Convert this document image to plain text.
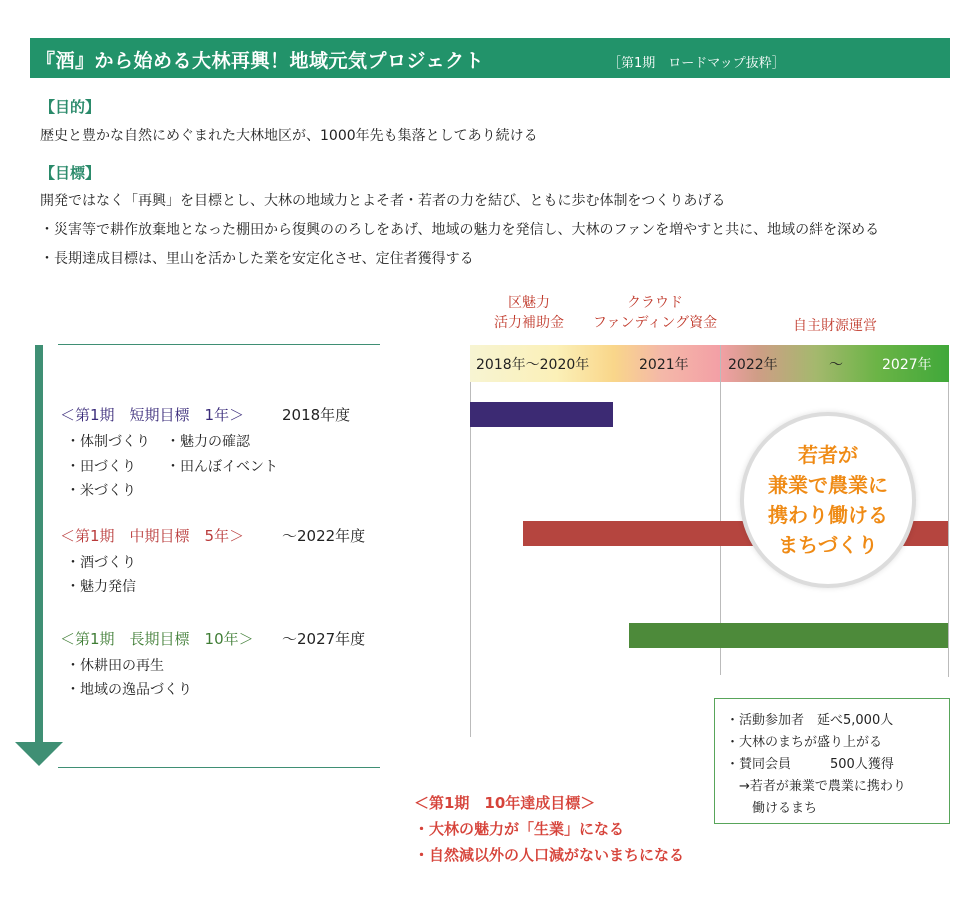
『酒』から始める大林再興！地域元気プロジェクト	［第1期　ロードマップ抜粋］
【目的】
歴史と豊かな自然にめぐまれた大林地区が、1000年先も集落としてあり続ける
【目標】
開発ではなく「再興」を目標とし、大林の地域力とよそ者・若者の力を結び、ともに歩む体制をつくりあげる
・災害等で耕作放棄地となった棚田から復興ののろしをあげ、地域の魅力を発信し、大林のファンを増やすと共に、地域の絆を深める
・長期達成目標は、里山を活かした業を安定化させ、定住者獲得する
区魅力
活力補助金
クラウド
ファンディング資金	自主財源運営
2018年～2020年	2021年	2022年	～	2027年
若者が
兼業で農業に
携わり働ける
まちづくり
＜第1期　短期目標　1年＞	2018年度
・体制づくり ・魅力の確認
・田づくり ・田んぼイベント
・米づくり
＜第1期　中期目標　5年＞	～2022年度
・酒づくり
・魅力発信
＜第1期　長期目標　10年＞ ～2027年度
・休耕田の再生
・地域の逸品づくり
・活動参加者　延べ5,000人
・大林のまちが盛り上がる
・賛同会員　　　500人獲得
　→若者が兼業で農業に携わり
　　働けるまち
＜第1期　10年達成目標＞
・大林の魅力が「生業」になる
・自然減以外の人口減がないまちになる
